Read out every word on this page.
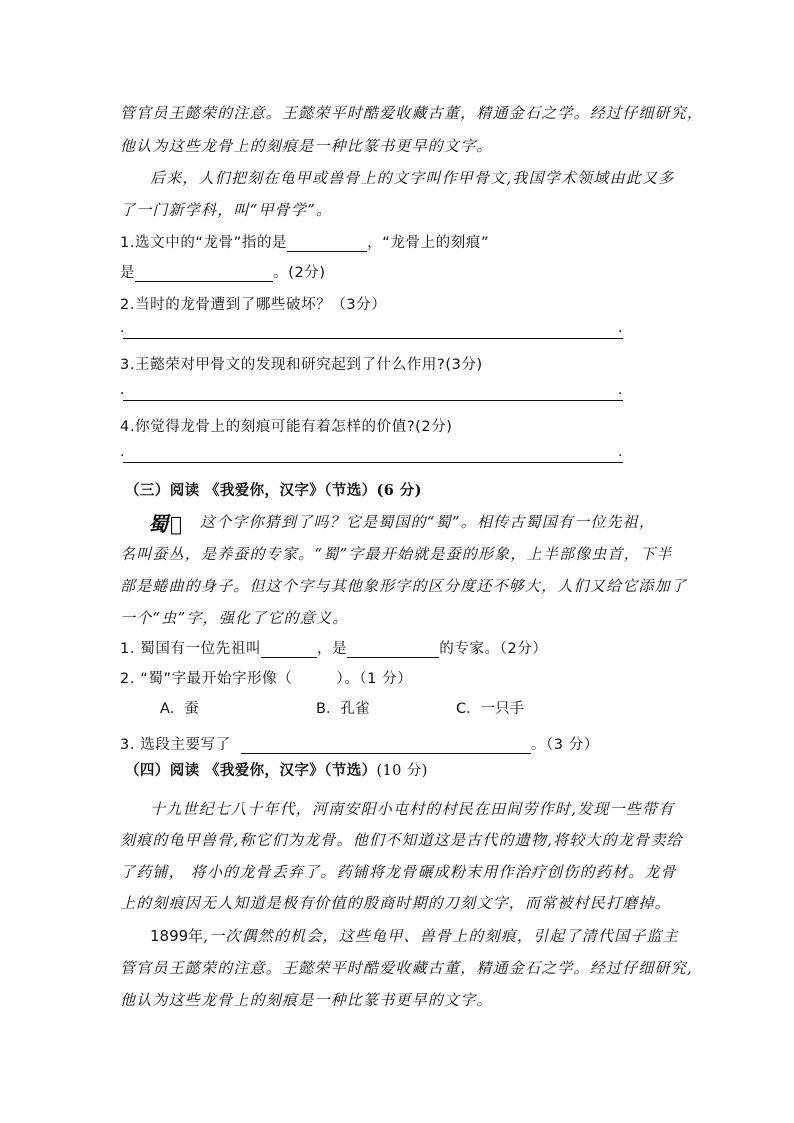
管官员王懿荣的注意。王懿荣平时酷爱收藏古董，精通金石之学。经过仔细研究，
他认为这些龙骨上的刻痕是一种比篆书更早的文字。
后来，人们把刻在龟甲或兽骨上的文字叫作甲骨文,我国学术领域由此又多
了一门新学科，叫“甲骨学”。
1.选文中的“龙骨”指的是	，“龙骨上的刻痕”
是	。(2分)
2.当时的龙骨遭到了哪些破坏？（3分）
.	.
3.王懿荣对甲骨文的发现和研究起到了什么作用?(3分)
.	.
4.你觉得龙骨上的刻痕可能有着怎样的价值?(2分)
.	.
（三）阅读 《我爱你，汉字》（节选）(6 分)
蜀𧉖 这个字你猜到了吗？它是蜀国的“蜀”。相传古蜀国有一位先祖，
名叫蚕丛，是养蚕的专家。“蜀”字最开始就是蚕的形象，上半部像虫首，下半
部是蜷曲的身子。但这个字与其他象形字的区分度还不够大，人们又给它添加了
一个“虫”字，强化了它的意义。
1. 蜀国有一位先祖叫	，是	的专家。（2分）
2. “蜀”字最开始字形像（	）。（1 分）
A．蚕	B．孔雀	C．一只手
3. 选段主要写了	。（3 分）
（四）阅读 《我爱你，汉字》（节选）(10 分)
十九世纪七八十年代，河南安阳小屯村的村民在田间劳作时,发现一些带有
刻痕的龟甲兽骨,称它们为龙骨。他们不知道这是古代的遗物,将较大的龙骨卖给
了药铺， 将小的龙骨丢弃了。药铺将龙骨碾成粉末用作治疗创伤的药材。龙骨
上的刻痕因无人知道是极有价值的殷商时期的刀刻文字，而常被村民打磨掉。
1899年,一次偶然的机会，这些龟甲、兽骨上的刻痕，引起了清代国子监主
管官员王懿荣的注意。王懿荣平时酷爱收藏古董，精通金石之学。经过仔细研究,
他认为这些龙骨上的刻痕是一种比篆书更早的文字。
